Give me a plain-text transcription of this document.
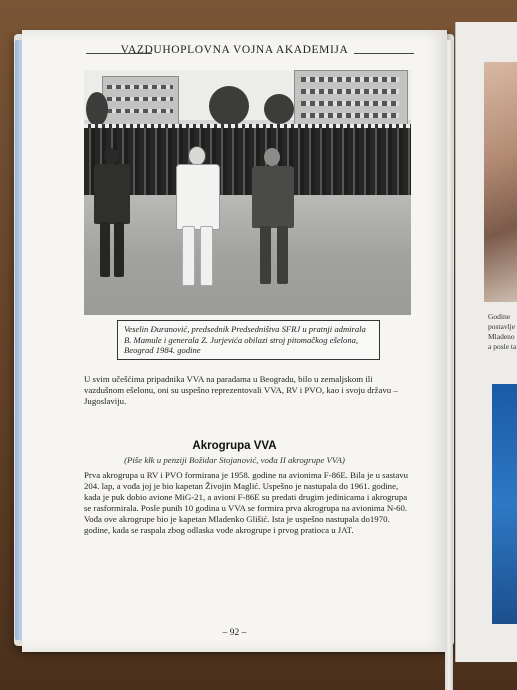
Godine
postavlje
Mladeno
a posle ta
VAZDUHOPLOVNA VOJNA AKADEMIJA
Veselin Đuranović, predsednik Predsedništva SFRJ u pratnji admirala
B. Mamule i generala Z. Jurjevića obilazi stroj pitomačkog ešelona,
Beograd 1984. godine
U svim učešćima pripadnika VVA na paradama u Beogradu, bilo u zemaljskom ili
vazdušnom ešelonu, oni su uspešno reprezentovali VVA, RV i PVO, kao i svoju državu –
Jugoslaviju.
Akrogrupa VVA
(Piše kłk u penziji Božidar Stojanović, vođa II akrogrupe VVA)
Prva akrogrupa u RV i PVO formirana je 1958. godine na avionima F-86E. Bila je u sastavu
204. lap, a vođa joj je bio kapetan Živojin Maglić. Uspešno je nastupala do 1961. godine,
kada je puk dobio avione MiG-21, a avioni F-86E su predati drugim jedinicama i akrogrupa
se rasformirala. Posle punih 10 godina u VVA se formira prva akrogrupa na avionima N-60.
Vođa ove akrogrupe bio je kapetan Mladenko Glišić. Ista je uspešno nastupala do1970.
godine, kada se raspala zbog odlaska vođe akrogrupe i prvog pratioca u JAT.
– 92 –
